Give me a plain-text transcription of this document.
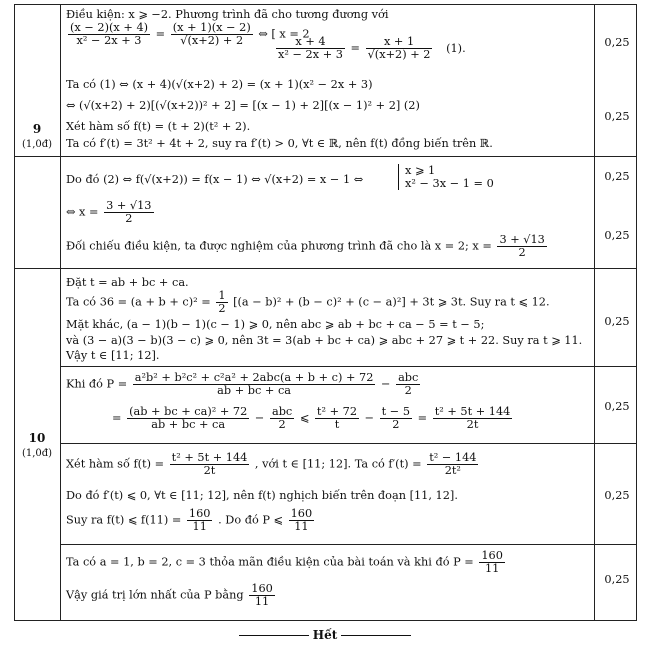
9
(1,0đ)
10
(1,0đ)
0,25
0,25
0,25
0,25
0,25
0,25
0,25
0,25
Điều kiện: x ⩾ −2. Phương trình đã cho tương đương với
$\frac{(x - 2)(x + 4)}{\text{x² − 2x + 3}} = \frac{(x + 1)(x - 2)}{√(x+2) + 2}$ ⇔ [ x = 2
$\frac{x + 4}{\text{x² − 2x + 3}} = \frac{x + 1}{√(x+2) + 2} (1)$.
Ta có (1) ⇔ (x + 4)(√(x+2) + 2) = (x + 1)(x² − 2x + 3)
⇔ (√(x+2) + 2)[(√(x+2))² + 2] = [(x − 1) + 2][(x − 1)² + 2] (2)
Xét hàm số f(t) = (t + 2)(t² + 2).
Ta có f′(t) = 3t² + 4t + 2, suy ra f′(t) > 0, ∀t ∈ ℝ, nên f(t) đồng biến trên ℝ.
Do đó (2) ⇔ f(√(x+2)) = f(x − 1) ⇔ √(x+2) = x − 1 ⇔
x ⩾ 1
x² − 3x − 1 = 0
⇔ $x = \frac{3 + √13}{2}$
Đối chiếu điều kiện, ta được nghiệm của phương trình đã cho là x = 2; $x = \frac{3 + √13}{2}$
Đặt t = ab + bc + ca.
Ta có $36 = (a + b + c)^2 = \frac{1}{2} [(a - b)^2 + (b - c)^2 + (c - a)^2] + 3t$ ⩾ 3t. Suy ra t ⩽ 12.
Mặt khác, (a − 1)(b − 1)(c − 1) ⩾ 0, nên abc ⩾ ab + bc + ca − 5 = t − 5;
và (3 − a)(3 − b)(3 − c) ⩾ 0, nên 3t = 3(ab + bc + ca) ⩾ abc + 27 ⩾ t + 22. Suy ra t ⩾ 11.
Vậy t ∈ [11; 12].
Khi đó $P = \frac{\text{a²b² + b²c² + c²a² + 2abc(a + b + c) + 72}}{ab + bc + ca} - \frac{\text{abc}}{2}$
= $\frac{\text{(ab + bc + ca)² + 72}}{ab + bc + ca} - \frac{\text{abc}}{2}$ ⩽ $\frac{\text{t² + 72}}{t} - \frac{t - 5}{2} = \frac{\text{t² + 5t + 144}}{2t}$
Xét hàm số $f(t) = \frac{\text{t² + 5t + 144}}{2t}$ , với t ∈ [11; 12]. Ta có $f'(t) = \frac{\text{t² − 144}}{\text{2t²}}$
Do đó f′(t) ⩽ 0, ∀t ∈ [11; 12], nên f(t) nghịch biến trên đoạn [11, 12].
Suy ra f(t) ⩽ $f(11) = \frac{160}{11}$ . Do đó P ⩽ $\frac{160}{11}$
Ta có a = 1, b = 2, c = 3 thỏa mãn điều kiện của bài toán và khi đó $P = \frac{160}{11}$
Vậy giá trị lớn nhất của P bằng $\frac{160}{11}$
Hết
